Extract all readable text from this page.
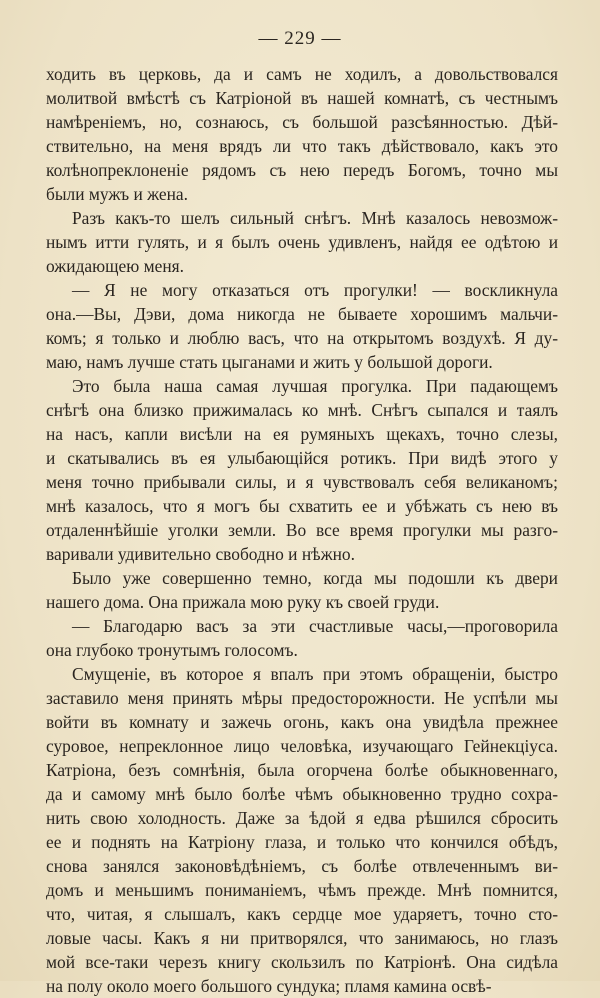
— 229 —

ходить въ церковь, да и самъ не ходилъ, а довольствовался
молитвой вмѣстѣ съ Катріоной въ нашей комнатѣ, съ честнымъ
намѣреніемъ, но, сознаюсь, съ большой разсѣянностью. Дѣй-
ствительно, на меня врядъ ли что такъ дѣйствовало, какъ это
колѣнопреклоненіе рядомъ съ нею передъ Богомъ, точно мы
были мужъ и жена.

Разъ какъ-то шелъ сильный снѣгъ. Мнѣ казалось невозмож-
нымъ итти гулять, и я былъ очень удивленъ, найдя ее одѣтою и
ожидающею меня.

— Я не могу отказаться отъ прогулки! — воскликнула
она.—Вы, Дэви, дома никогда не бываете хорошимъ мальчи-
комъ; я только и люблю васъ, что на открытомъ воздухѣ. Я ду-
маю, намъ лучше стать цыганами и жить у большой дороги.

Это была наша самая лучшая прогулка. При падающемъ
снѣгѣ она близко прижималась ко мнѣ. Снѣгъ сыпался и таялъ
на насъ, капли висѣли на ея румяныхъ щекахъ, точно слезы,
и скатывались въ ея улыбающійся ротикъ. При видѣ этого у
меня точно прибывали силы, и я чувствовалъ себя великаномъ;
мнѣ казалось, что я могъ бы схватить ее и убѣжать съ нею въ
отдаленнѣйшіе уголки земли. Во все время прогулки мы разго-
варивали удивительно свободно и нѣжно.

Было уже совершенно темно, когда мы подошли къ двери
нашего дома. Она прижала мою руку къ своей груди.

— Благодарю васъ за эти счастливые часы,—проговорила
она глубоко тронутымъ голосомъ.

Смущеніе, въ которое я впалъ при этомъ обращеніи, быстро
заставило меня принять мѣры предосторожности. Не успѣли мы
войти въ комнату и зажечь огонь, какъ она увидѣла прежнее
суровое, непреклонное лицо человѣка, изучающаго Гейнекціуса.
Катріона, безъ сомнѣнія, была огорчена болѣе обыкновеннаго,
да и самому мнѣ было болѣе чѣмъ обыкновенно трудно сохра-
нить свою холодность. Даже за ѣдой я едва рѣшился сбросить
ее и поднять на Катріону глаза, и только что кончился обѣдъ,
снова занялся законовѣдѣніемъ, съ болѣе отвлеченнымъ ви-
домъ и меньшимъ пониманіемъ, чѣмъ прежде. Мнѣ помнится,
что, читая, я слышалъ, какъ сердце мое ударяетъ, точно сто-
ловые часы. Какъ я ни притворялся, что занимаюсь, но глазъ
мой все-таки черезъ книгу скользилъ по Катріонѣ. Она сидѣла
на полу около моего большого сундука; пламя камина освѣ-
